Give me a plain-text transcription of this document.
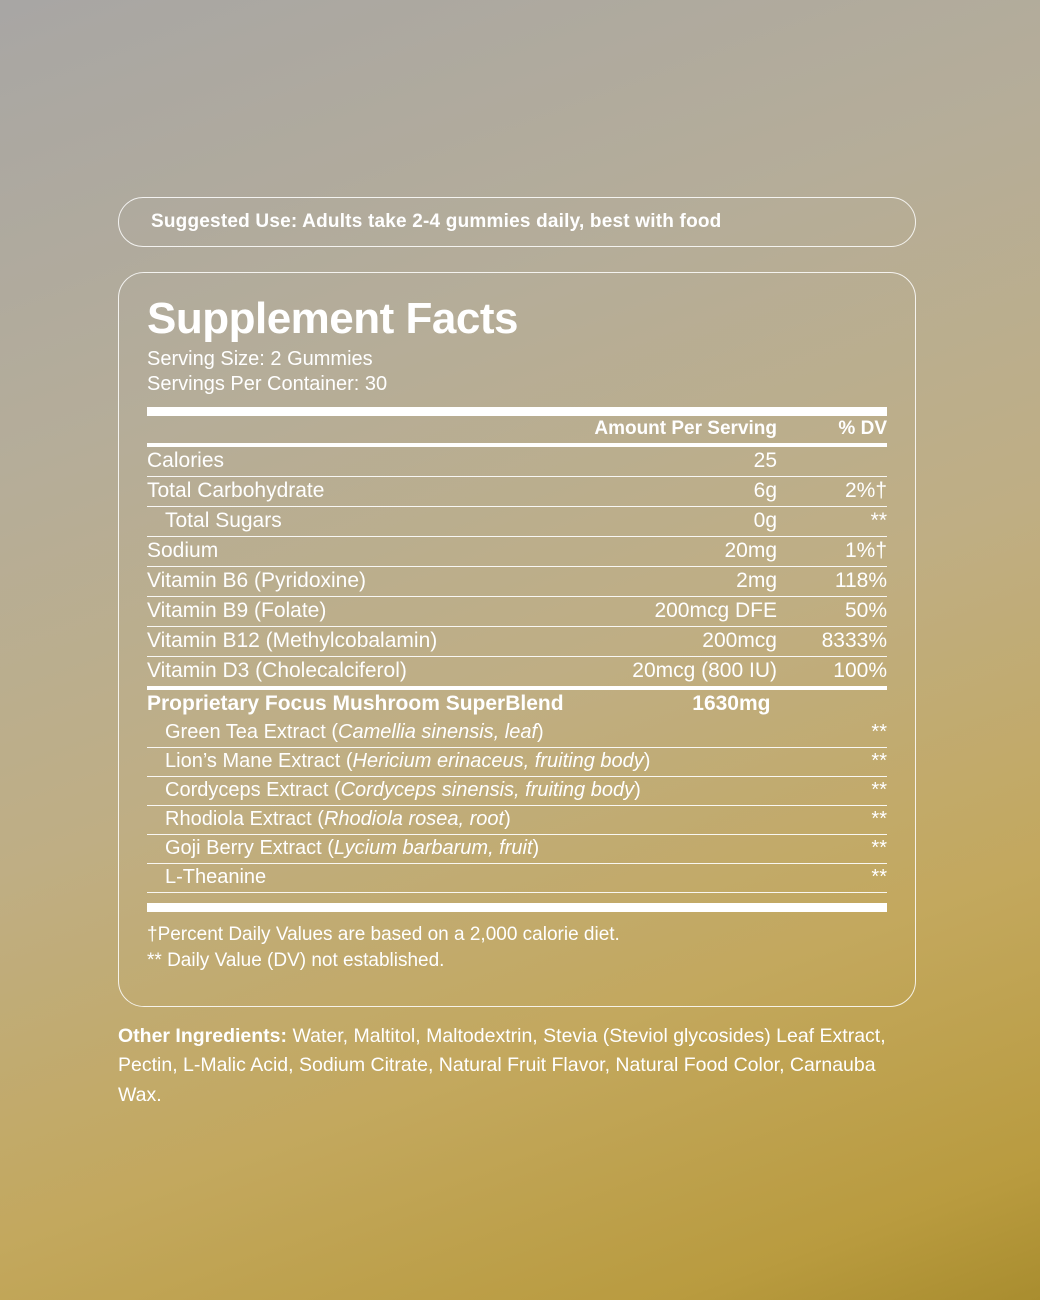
Suggested Use: Adults take 2-4 gummies daily, best with food
Supplement Facts
Serving Size: 2 Gummies
Servings Per Container: 30
	Amount Per Serving	% DV
Calories	25	
Total Carbohydrate	6g	2%†
Total Sugars	0g	**
Sodium	20mg	1%†
Vitamin B6 (Pyridoxine)	2mg	118%
Vitamin B9 (Folate)	200mcg DFE	50%
Vitamin B12 (Methylcobalamin)	200mcg	8333%
Vitamin D3 (Cholecalciferol)	20mcg (800 IU)	100%
Proprietary Focus Mushroom SuperBlend	1630mg	
Green Tea Extract (Camellia sinensis, leaf)		**
Lion’s Mane Extract (Hericium erinaceus, fruiting body)		**
Cordyceps Extract (Cordyceps sinensis, fruiting body)		**
Rhodiola Extract (Rhodiola rosea, root)		**
Goji Berry Extract (Lycium barbarum, fruit)		**
L-Theanine		**
†Percent Daily Values are based on a 2,000 calorie diet.
** Daily Value (DV) not established.
Other Ingredients: Water, Maltitol, Maltodextrin, Stevia (Steviol glycosides) Leaf Extract, Pectin, L-Malic Acid, Sodium Citrate, Natural Fruit Flavor, Natural Food Color, Carnauba Wax.
